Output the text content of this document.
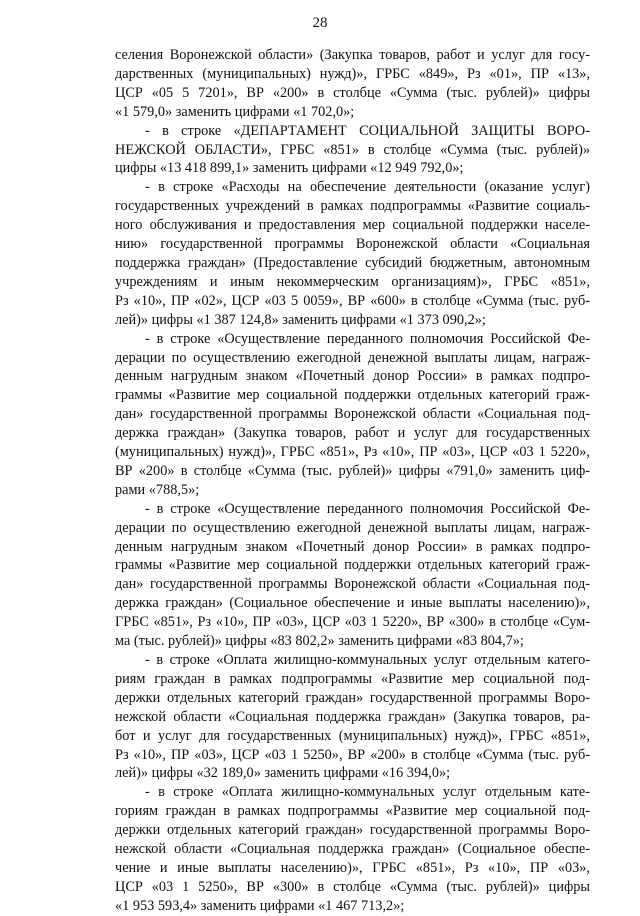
28
селения Воронежской области» (Закупка товаров, работ и услуг для госу-
дарственных (муниципальных) нужд)», ГРБС «849», Рз «01», ПР «13»,
ЦСР «05 5 7201», ВР «200» в столбце «Сумма (тыс. рублей)» цифры
«1 579,0» заменить цифрами «1 702,0»;
- в строке «ДЕПАРТАМЕНТ СОЦИАЛЬНОЙ ЗАЩИТЫ ВОРО-
НЕЖСКОЙ ОБЛАСТИ», ГРБС «851» в столбце «Сумма (тыс. рублей)»
цифры «13 418 899,1» заменить цифрами «12 949 792,0»;
- в строке «Расходы на обеспечение деятельности (оказание услуг)
государственных учреждений в рамках подпрограммы «Развитие социаль-
ного обслуживания и предоставления мер социальной поддержки населе-
нию» государственной программы Воронежской области «Социальная
поддержка граждан» (Предоставление субсидий бюджетным, автономным
учреждениям и иным некоммерческим организациям)», ГРБС «851»,
Рз «10», ПР «02», ЦСР «03 5 0059», ВР «600» в столбце «Сумма (тыс. руб-
лей)» цифры «1 387 124,8» заменить цифрами «1 373 090,2»;
- в строке «Осуществление переданного полномочия Российской Фе-
дерации по осуществлению ежегодной денежной выплаты лицам, награж-
денным нагрудным знаком «Почетный донор России» в рамках подпро-
граммы «Развитие мер социальной поддержки отдельных категорий граж-
дан» государственной программы Воронежской области «Социальная под-
держка граждан» (Закупка товаров, работ и услуг для государственных
(муниципальных) нужд)», ГРБС «851», Рз «10», ПР «03», ЦСР «03 1 5220»,
ВР «200» в столбце «Сумма (тыс. рублей)» цифры «791,0» заменить циф-
рами «788,5»;
- в строке «Осуществление переданного полномочия Российской Фе-
дерации по осуществлению ежегодной денежной выплаты лицам, награж-
денным нагрудным знаком «Почетный донор России» в рамках подпро-
граммы «Развитие мер социальной поддержки отдельных категорий граж-
дан» государственной программы Воронежской области «Социальная под-
держка граждан» (Социальное обеспечение и иные выплаты населению)»,
ГРБС «851», Рз «10», ПР «03», ЦСР «03 1 5220», ВР «300» в столбце «Сум-
ма (тыс. рублей)» цифры «83 802,2» заменить цифрами «83 804,7»;
- в строке «Оплата жилищно-коммунальных услуг отдельным катего-
риям граждан в рамках подпрограммы «Развитие мер социальной под-
держки отдельных категорий граждан» государственной программы Воро-
нежской области «Социальная поддержка граждан» (Закупка товаров, ра-
бот и услуг для государственных (муниципальных) нужд)», ГРБС «851»,
Рз «10», ПР «03», ЦСР «03 1 5250», ВР «200» в столбце «Сумма (тыс. руб-
лей)» цифры «32 189,0» заменить цифрами «16 394,0»;
- в строке «Оплата жилищно-коммунальных услуг отдельным кате-
гориям граждан в рамках подпрограммы «Развитие мер социальной под-
держки отдельных категорий граждан» государственной программы Воро-
нежской области «Социальная поддержка граждан» (Социальное обеспе-
чение и иные выплаты населению)», ГРБС «851», Рз «10», ПР «03»,
ЦСР «03 1 5250», ВР «300» в столбце «Сумма (тыс. рублей)» цифры
«1 953 593,4» заменить цифрами «1 467 713,2»;
